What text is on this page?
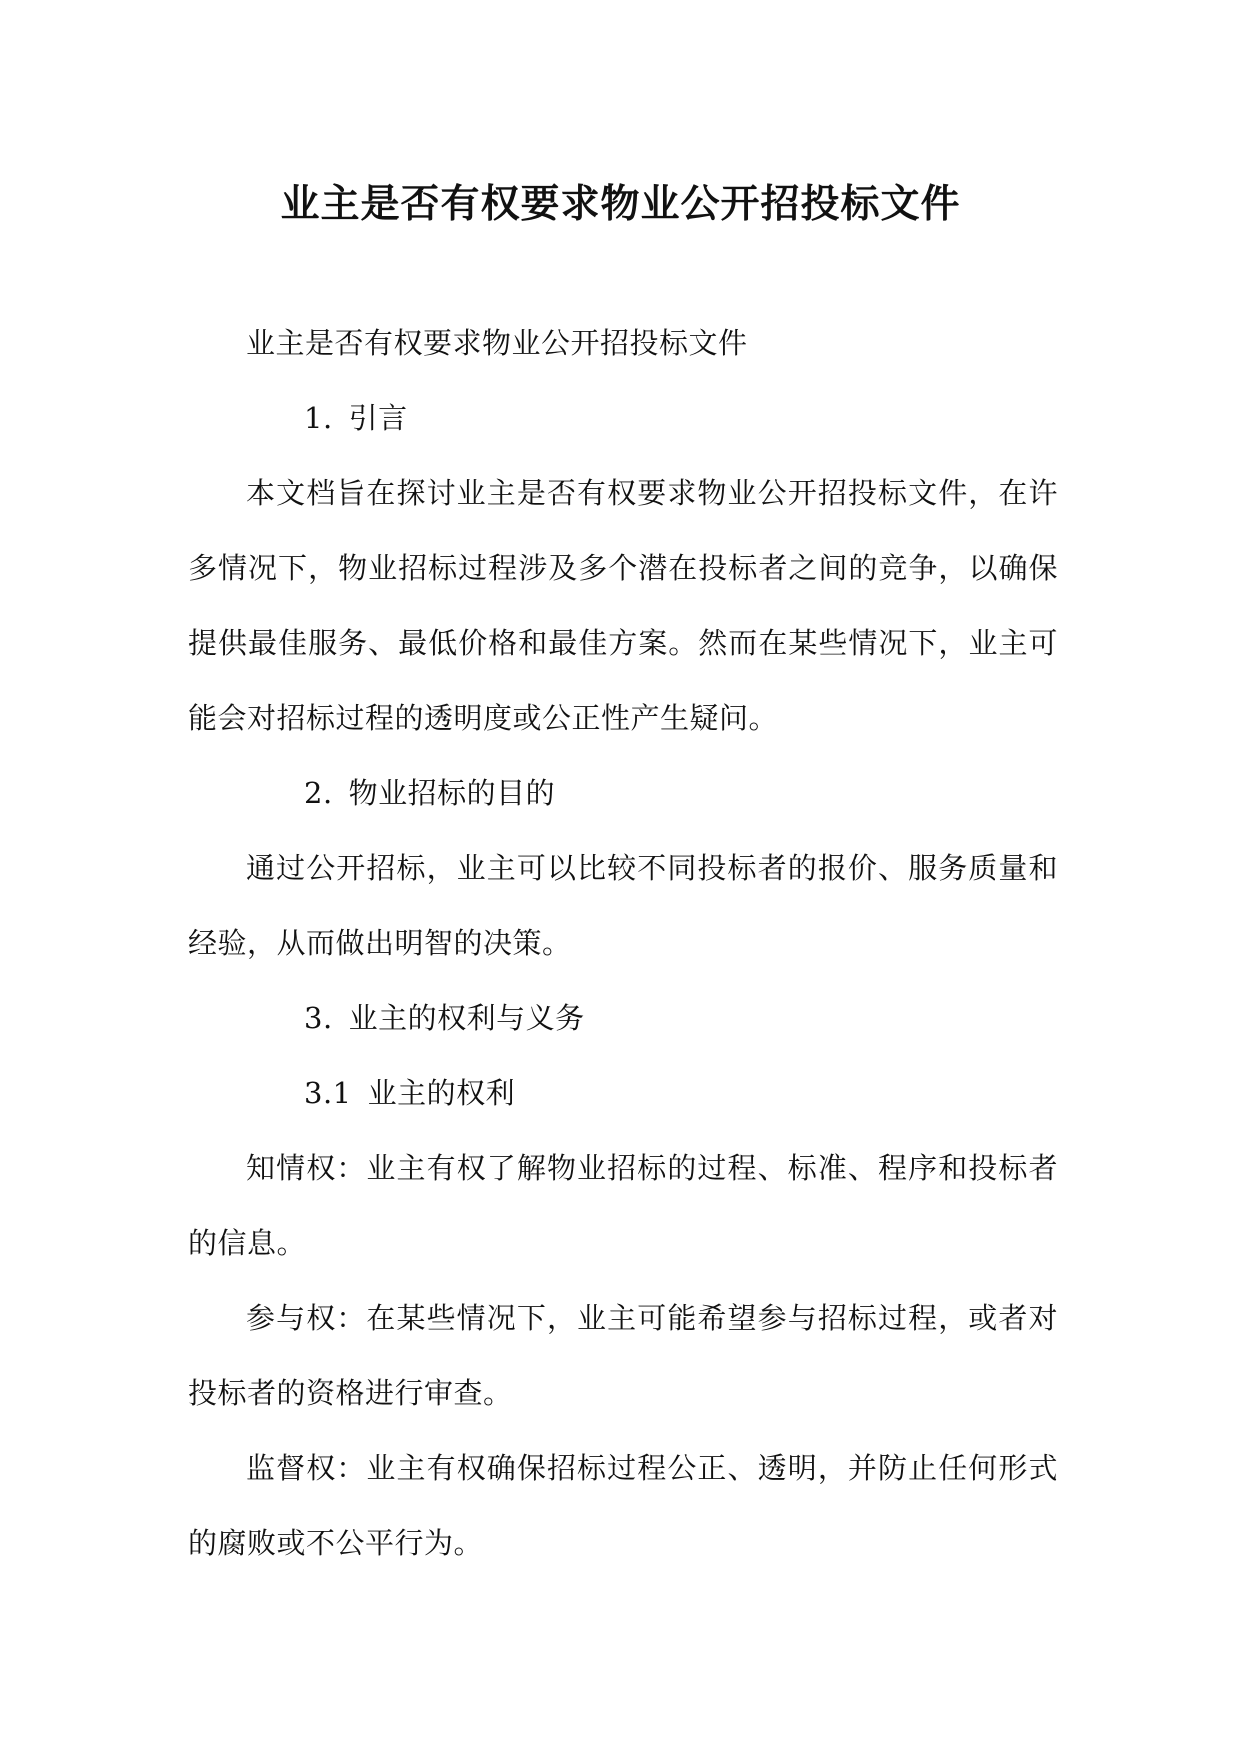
业主是否有权要求物业公开招投标文件

业主是否有权要求物业公开招投标文件

1. 引言

本文档旨在探讨业主是否有权要求物业公开招投标文件，在许多情况下，物业招标过程涉及多个潜在投标者之间的竞争，以确保提供最佳服务、最低价格和最佳方案。然而在某些情况下，业主可能会对招标过程的透明度或公正性产生疑问。

2. 物业招标的目的

通过公开招标，业主可以比较不同投标者的报价、服务质量和经验，从而做出明智的决策。

3. 业主的权利与义务

3.1 业主的权利

知情权：业主有权了解物业招标的过程、标准、程序和投标者的信息。

参与权：在某些情况下，业主可能希望参与招标过程，或者对投标者的资格进行审查。

监督权：业主有权确保招标过程公正、透明，并防止任何形式的腐败或不公平行为。
